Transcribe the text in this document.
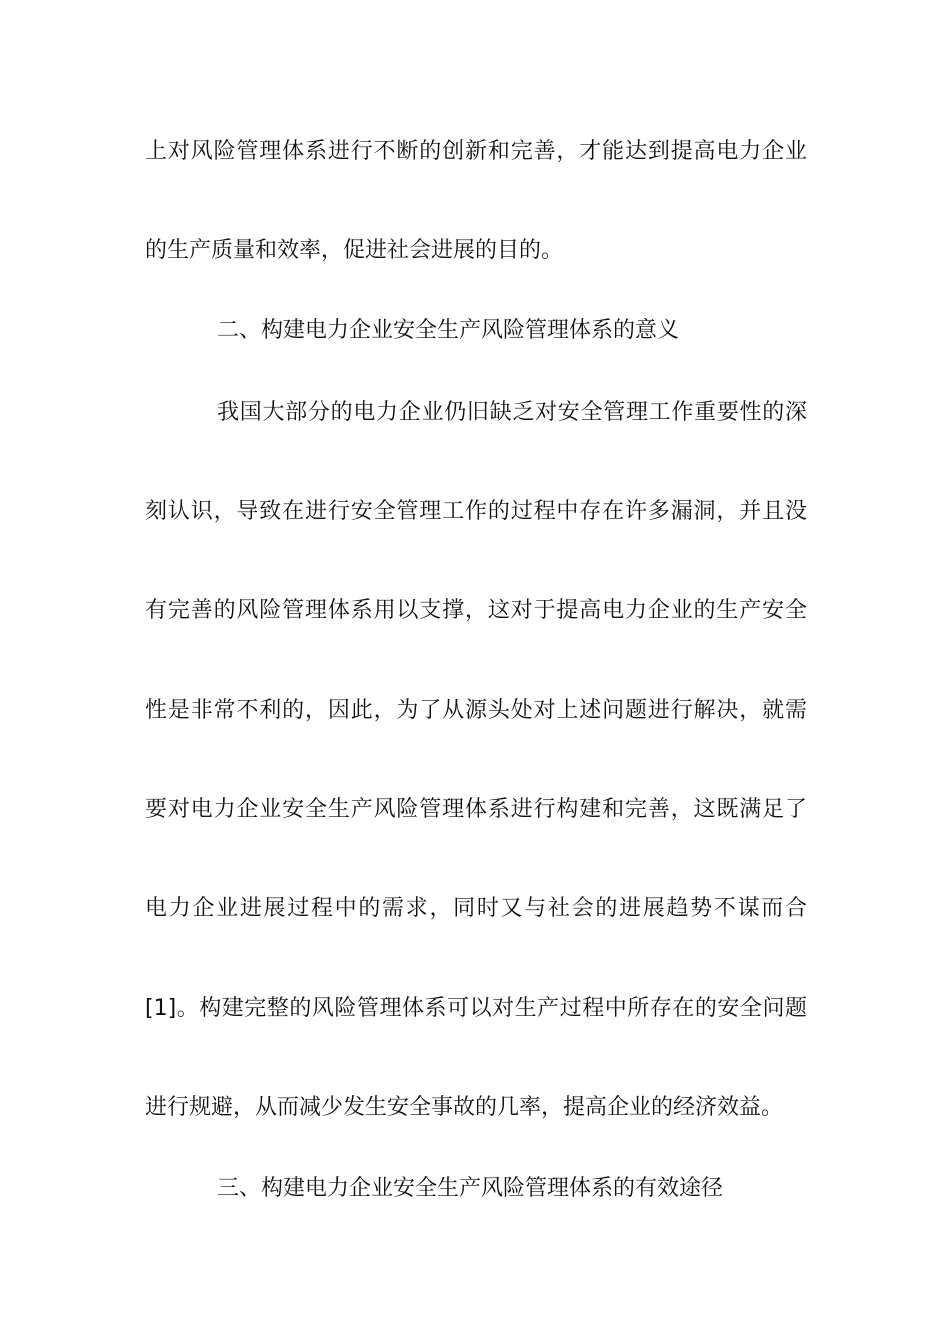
上对风险管理体系进行不断的创新和完善，才能达到提高电力企业
的生产质量和效率，促进社会进展的目的。
二、构建电力企业安全生产风险管理体系的意义
我国大部分的电力企业仍旧缺乏对安全管理工作重要性的深
刻认识，导致在进行安全管理工作的过程中存在许多漏洞，并且没
有完善的风险管理体系用以支撑，这对于提高电力企业的生产安全
性是非常不利的，因此，为了从源头处对上述问题进行解决，就需
要对电力企业安全生产风险管理体系进行构建和完善，这既满足了
电力企业进展过程中的需求，同时又与社会的进展趋势不谋而合
[1]。构建完整的风险管理体系可以对生产过程中所存在的安全问题
进行规避，从而减少发生安全事故的几率，提高企业的经济效益。
三、构建电力企业安全生产风险管理体系的有效途径
